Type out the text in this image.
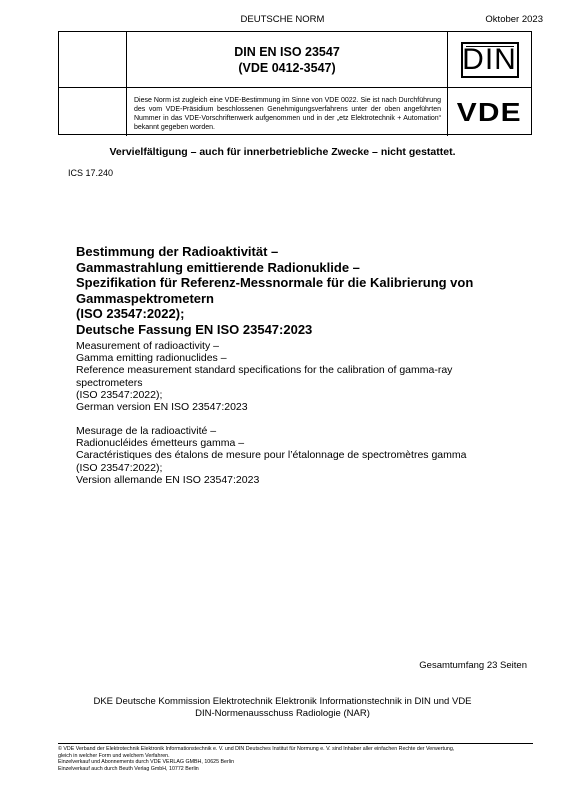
DEUTSCHE NORM	Oktober 2023
DIN EN ISO 23547
(VDE 0412-3547)	DIN
Diese Norm ist zugleich eine VDE-Bestimmung im Sinne von VDE 0022. Sie ist nach Durchführung des vom VDE-Präsidium beschlossenen Genehmigungsverfahrens unter der oben angeführten Nummer in das VDE-Vorschriftenwerk aufgenommen und in der „etz Elektrotechnik + Automation“ bekannt gegeben worden.
VDE
Vervielfältigung – auch für innerbetriebliche Zwecke – nicht gestattet.
ICS 17.240
Bestimmung der Radioaktivität –
Gammastrahlung emittierende Radionuklide –
Spezifikation für Referenz-Messnormale für die Kalibrierung von
Gammaspektrometern
(ISO 23547:2022);
Deutsche Fassung EN ISO 23547:2023
Measurement of radioactivity –
Gamma emitting radionuclides –
Reference measurement standard specifications for the calibration of gamma-ray
spectrometers
(ISO 23547:2022);
German version EN ISO 23547:2023
Mesurage de la radioactivité –
Radionucléides émetteurs gamma –
Caractéristiques des étalons de mesure pour l’étalonnage de spectromètres gamma
(ISO 23547:2022);
Version allemande EN ISO 23547:2023
Gesamtumfang 23 Seiten
DKE Deutsche Kommission Elektrotechnik Elektronik Informationstechnik in DIN und VDE
DIN-Normenausschuss Radiologie (NAR)
© VDE Verband der Elektrotechnik Elektronik Informationstechnik e. V. und DIN Deutsches Institut für Normung e. V. sind Inhaber aller einfachen Rechte der Verwertung,
gleich in welcher Form und welchem Verfahren.
Einzelverkauf und Abonnements durch VDE VERLAG GMBH, 10625 Berlin
Einzelverkauf auch durch Beuth Verlag GmbH, 10772 Berlin
